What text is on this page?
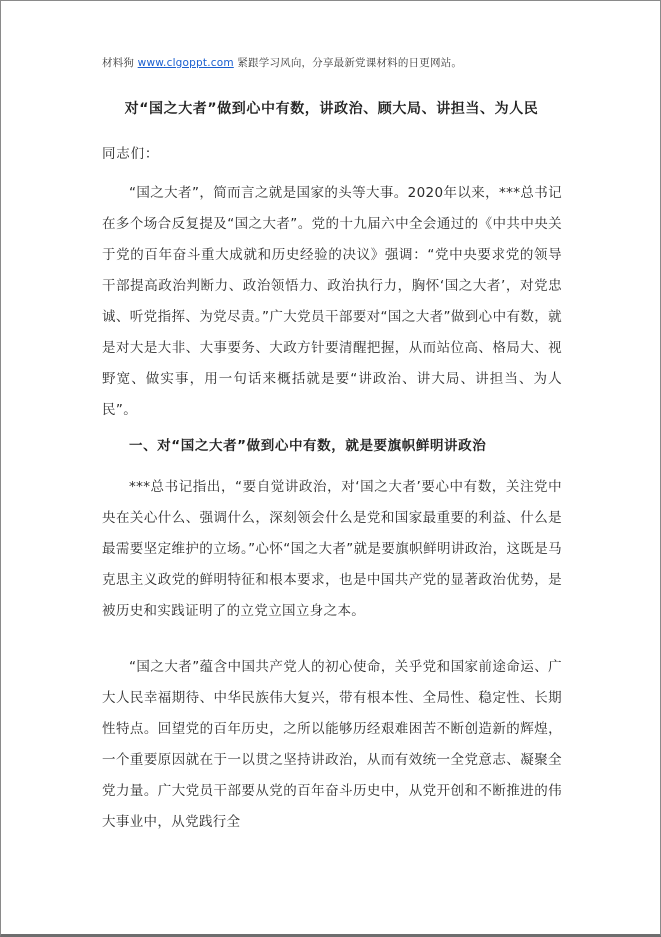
材料狗 www.clgoppt.com 紧跟学习风向，分享最新党课材料的日更网站。
对“国之大者”做到心中有数，讲政治、顾大局、讲担当、为人民
同志们：

“国之大者”，简而言之就是国家的头等大事。2020年以来，***总书记在多个场合反复提及“国之大者”。党的十九届六中全会通过的《中共中央关于党的百年奋斗重大成就和历史经验的决议》强调：“党中央要求党的领导干部提高政治判断力、政治领悟力、政治执行力，胸怀‘国之大者’，对党忠诚、听党指挥、为党尽责。”广大党员干部要对“国之大者”做到心中有数，就是对大是大非、大事要务、大政方针要清醒把握，从而站位高、格局大、视野宽、做实事，用一句话来概括就是要“讲政治、讲大局、讲担当、为人民”。

一、对“国之大者”做到心中有数，就是要旗帜鲜明讲政治

***总书记指出，“要自觉讲政治，对‘国之大者’要心中有数，关注党中央在关心什么、强调什么，深刻领会什么是党和国家最重要的利益、什么是最需要坚定维护的立场。”心怀“国之大者”就是要旗帜鲜明讲政治，这既是马克思主义政党的鲜明特征和根本要求，也是中国共产党的显著政治优势，是被历史和实践证明了的立党立国立身之本。

“国之大者”蕴含中国共产党人的初心使命，关乎党和国家前途命运、广大人民幸福期待、中华民族伟大复兴，带有根本性、全局性、稳定性、长期性特点。回望党的百年历史，之所以能够历经艰难困苦不断创造新的辉煌，一个重要原因就在于一以贯之坚持讲政治，从而有效统一全党意志、凝聚全党力量。广大党员干部要从党的百年奋斗历史中，从党开创和不断推进的伟大事业中，从党践行全
